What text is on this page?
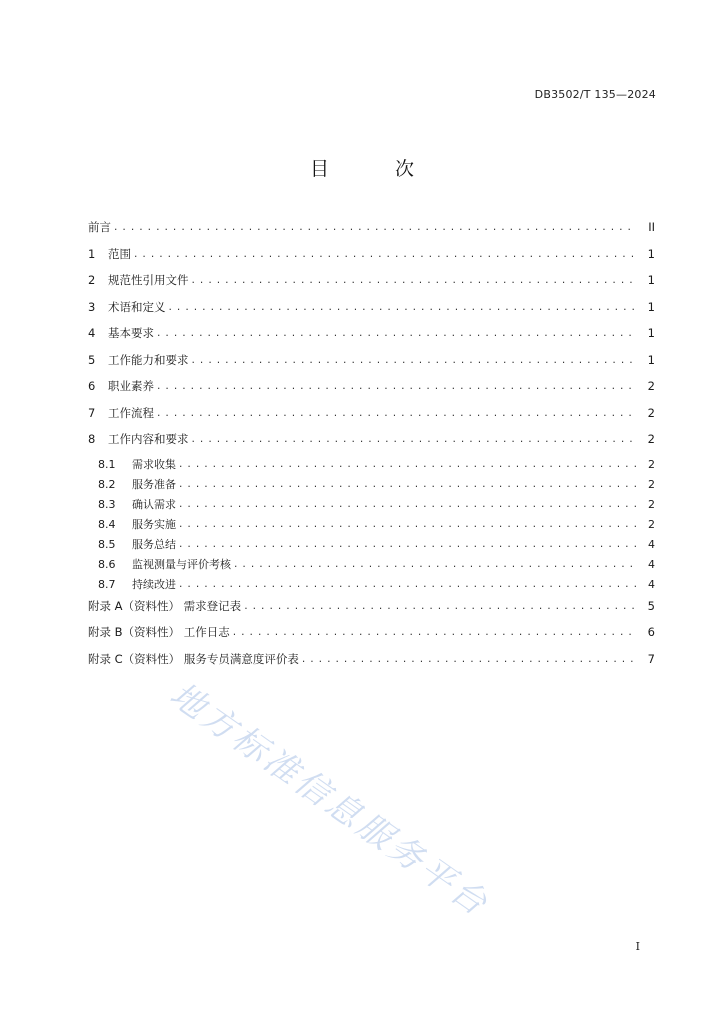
DB3502/T 135—2024
目 次
前言 .....	II
1	范围 .....	1
2	规范性引用文件 .....	1
3	术语和定义 .....	1
4	基本要求 .....	1
5	工作能力和要求 .....	1
6	职业素养 .....	2
7	工作流程 .....	2
8	工作内容和要求 .....	2
8.1	需求收集 .....	2
8.2	服务准备 .....	2
8.3	确认需求 .....	2
8.4	服务实施 .....	2
8.5	服务总结 .....	4
8.6	监视测量与评价考核 .....	4
8.7	持续改进 .....	4
附录 A（资料性） 需求登记表 .....	5
附录 B（资料性） 工作日志 .....	6
附录 C（资料性） 服务专员满意度评价表 .....	7
地方标准信息服务平台
I
